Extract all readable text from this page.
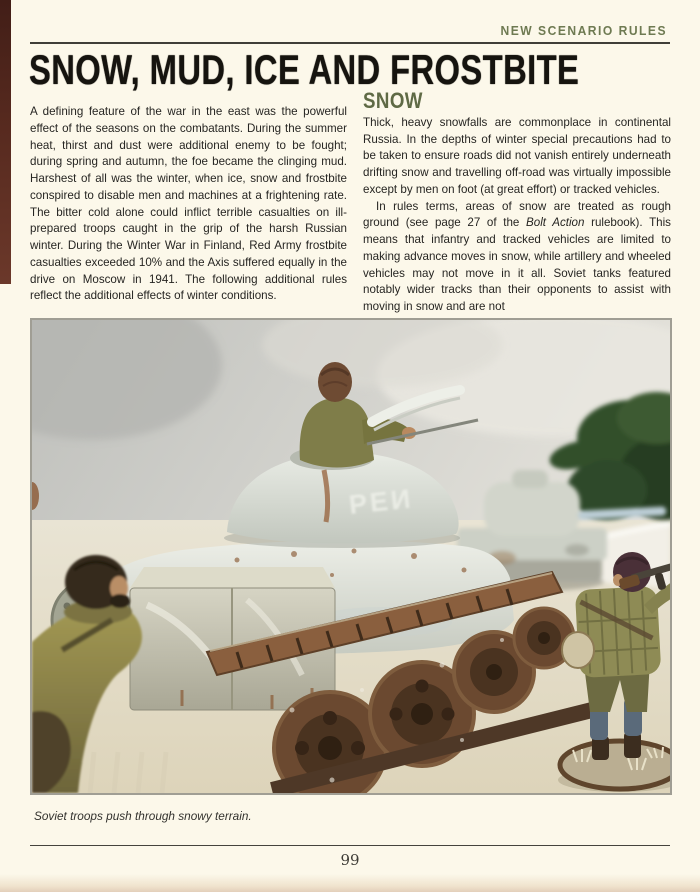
NEW SCENARIO RULES
SNOW, MUD, ICE AND FROSTBITE
A defining feature of the war in the east was the powerful effect of the seasons on the combatants. During the summer heat, thirst and dust were additional enemy to be fought; during spring and autumn, the foe became the clinging mud. Harshest of all was the winter, when ice, snow and frostbite conspired to disable men and machines at a frightening rate. The bitter cold alone could inflict terrible casualties on ill-prepared troops caught in the grip of the harsh Russian winter. During the Winter War in Finland, Red Army frostbite casualties exceeded 10% and the Axis suffered equally in the drive on Moscow in 1941. The following additional rules reflect the additional effects of winter conditions.
SNOW

Thick, heavy snowfalls are commonplace in continental Russia. In the depths of winter special precautions had to be taken to ensure roads did not vanish entirely underneath drifting snow and travelling off-road was virtually impossible except by men on foot (at great effort) or tracked vehicles.

In rules terms, areas of snow are treated as rough ground (see page 27 of the Bolt Action rulebook). This means that infantry and tracked vehicles are limited to making advance moves in snow, while artillery and wheeled vehicles may not move in it all. Soviet tanks featured notably wider tracks than their opponents to assist with moving in snow and are not

РЕИ
Soviet troops push through snowy terrain.
99
